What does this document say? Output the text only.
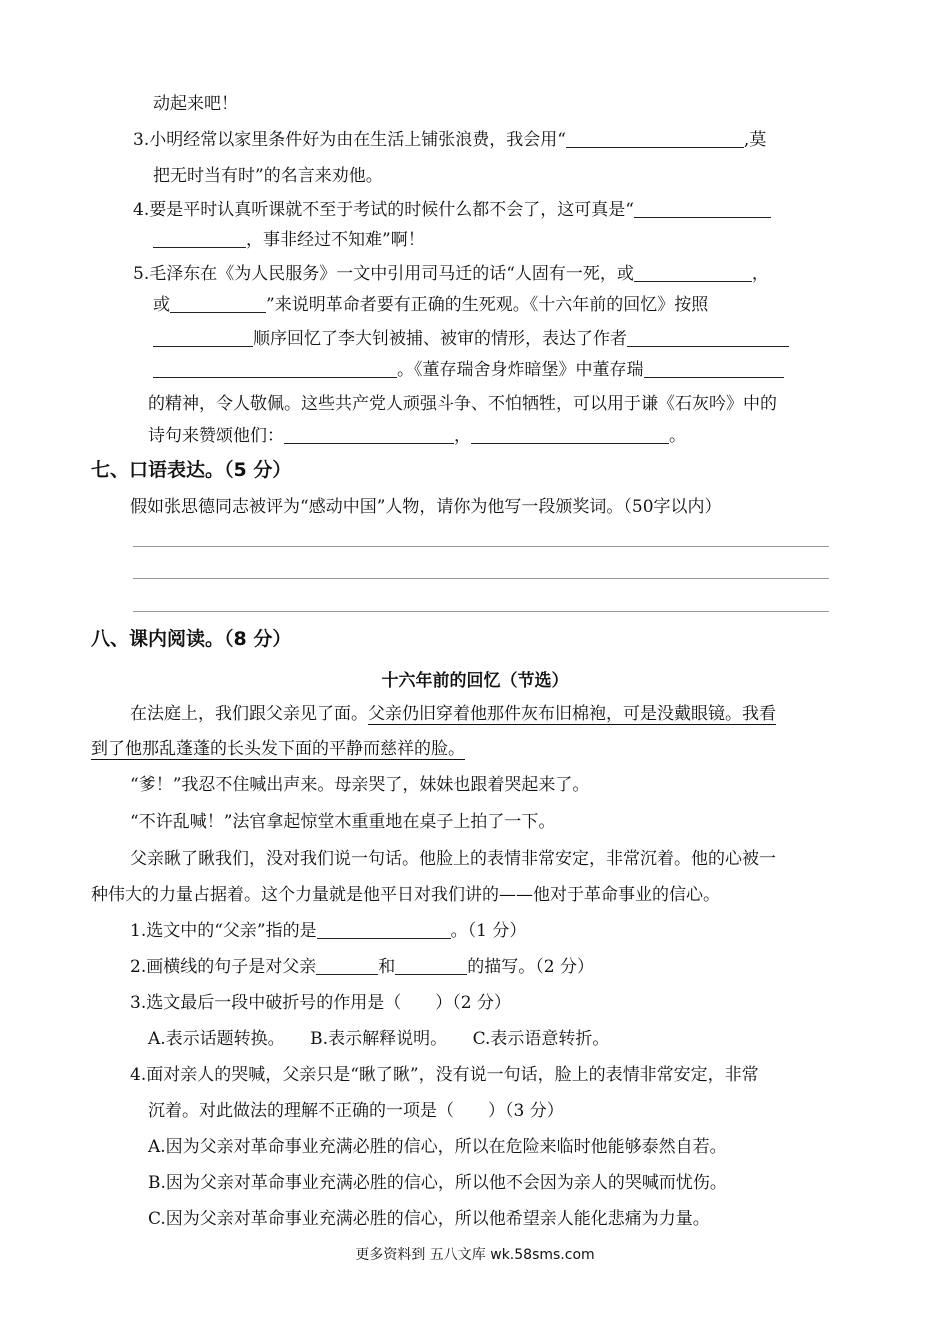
动起来吧！
3.小明经常以家里条件好为由在生活上铺张浪费，我会用“	,莫
把无时当有时”的名言来劝他。
4.要是平时认真听课就不至于考试的时候什么都不会了，这可真是“
，事非经过不知难”啊！
5.毛泽东在《为人民服务》一文中引用司马迁的话“人固有一死，或	，
或	”来说明革命者要有正确的生死观。《十六年前的回忆》按照
顺序回忆了李大钊被捕、被审的情形，表达了作者
。《董存瑞舍身炸暗堡》中董存瑞
的精神，令人敬佩。这些共产党人顽强斗争、不怕牺牲，可以用于谦《石灰吟》中的
诗句来赞颂他们：	，	。
七、口语表达。（5 分）
假如张思德同志被评为“感动中国”人物，请你为他写一段颁奖词。（50字以内）
八、课内阅读。（8 分）
十六年前的回忆（节选）
在法庭上，我们跟父亲见了面。父亲仍旧穿着他那件灰布旧棉袍，可是没戴眼镜。我看
到了他那乱蓬蓬的长头发下面的平静而慈祥的脸。
“爹！”我忍不住喊出声来。母亲哭了，妹妹也跟着哭起来了。
“不许乱喊！”法官拿起惊堂木重重地在桌子上拍了一下。
父亲瞅了瞅我们，没对我们说一句话。他脸上的表情非常安定，非常沉着。他的心被一
种伟大的力量占据着。这个力量就是他平日对我们讲的——他对于革命事业的信心。
1.选文中的“父亲”指的是	。（1 分）
2.画横线的句子是对父亲	和	的描写。（2 分）
3.选文最后一段中破折号的作用是（　　）（2 分）
A.表示话题转换。　　B.表示解释说明。　　C.表示语意转折。
4.面对亲人的哭喊，父亲只是“瞅了瞅”，没有说一句话，脸上的表情非常安定，非常
沉着。对此做法的理解不正确的一项是（　　）（3 分）
A.因为父亲对革命事业充满必胜的信心，所以在危险来临时他能够泰然自若。
B.因为父亲对革命事业充满必胜的信心，所以他不会因为亲人的哭喊而忧伤。
C.因为父亲对革命事业充满必胜的信心，所以他希望亲人能化悲痛为力量。
更多资料到 五八文库 wk.58sms.com
